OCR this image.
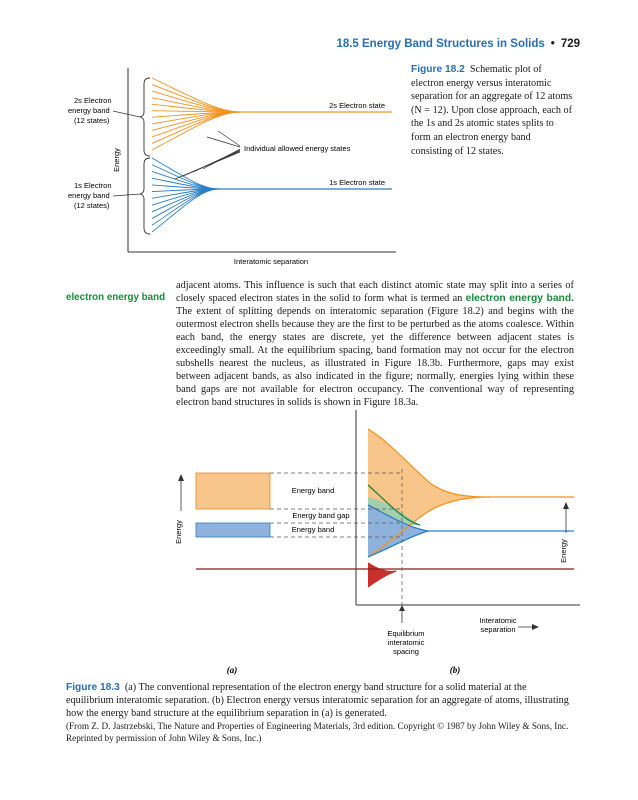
18.5 Energy Band Structures in Solids • 729
Energy
Interatomic separation
2s Electron
energy band
(12 states)
1s Electron
energy band
(12 states)
2s Electron state
1s Electron state
Individual allowed energy states
Figure 18.2 Schematic plot of electron energy versus interatomic separation for an aggregate of 12 atoms (N = 12). Upon close approach, each of the 1s and 2s atomic states splits to form an electron energy band consisting of 12 states.
electron energy band
adjacent atoms. This influence is such that each distinct atomic state may split into a series of closely spaced electron states in the solid to form what is termed an electron energy band. The extent of splitting depends on interatomic separation (Figure 18.2) and begins with the outermost electron shells because they are the first to be perturbed as the atoms coalesce. Within each band, the energy states are discrete, yet the difference between adjacent states is exceedingly small. At the equilibrium spacing, band formation may not occur for the electron subshells nearest the nucleus, as illustrated in Figure 18.3b. Furthermore, gaps may exist between adjacent bands, as also indicated in the figure; normally, energies lying within these band gaps are not available for electron occupancy. The conventional way of representing electron band structures in solids is shown in Figure 18.3a.
Energy band
Energy band gap
Energy band
Energy
Energy
Equilibrium
interatomic
spacing
Interatomic
separation
(a)	(b)
Figure 18.3 (a) The conventional representation of the electron energy band structure for a solid material at the equilibrium interatomic separation. (b) Electron energy versus interatomic separation for an aggregate of atoms, illustrating how the energy band structure at the equilibrium separation in (a) is generated.
(From Z. D. Jastrzebski, The Nature and Properties of Engineering Materials, 3rd edition. Copyright © 1987 by John Wiley & Sons, Inc. Reprinted by permission of John Wiley & Sons, Inc.)
